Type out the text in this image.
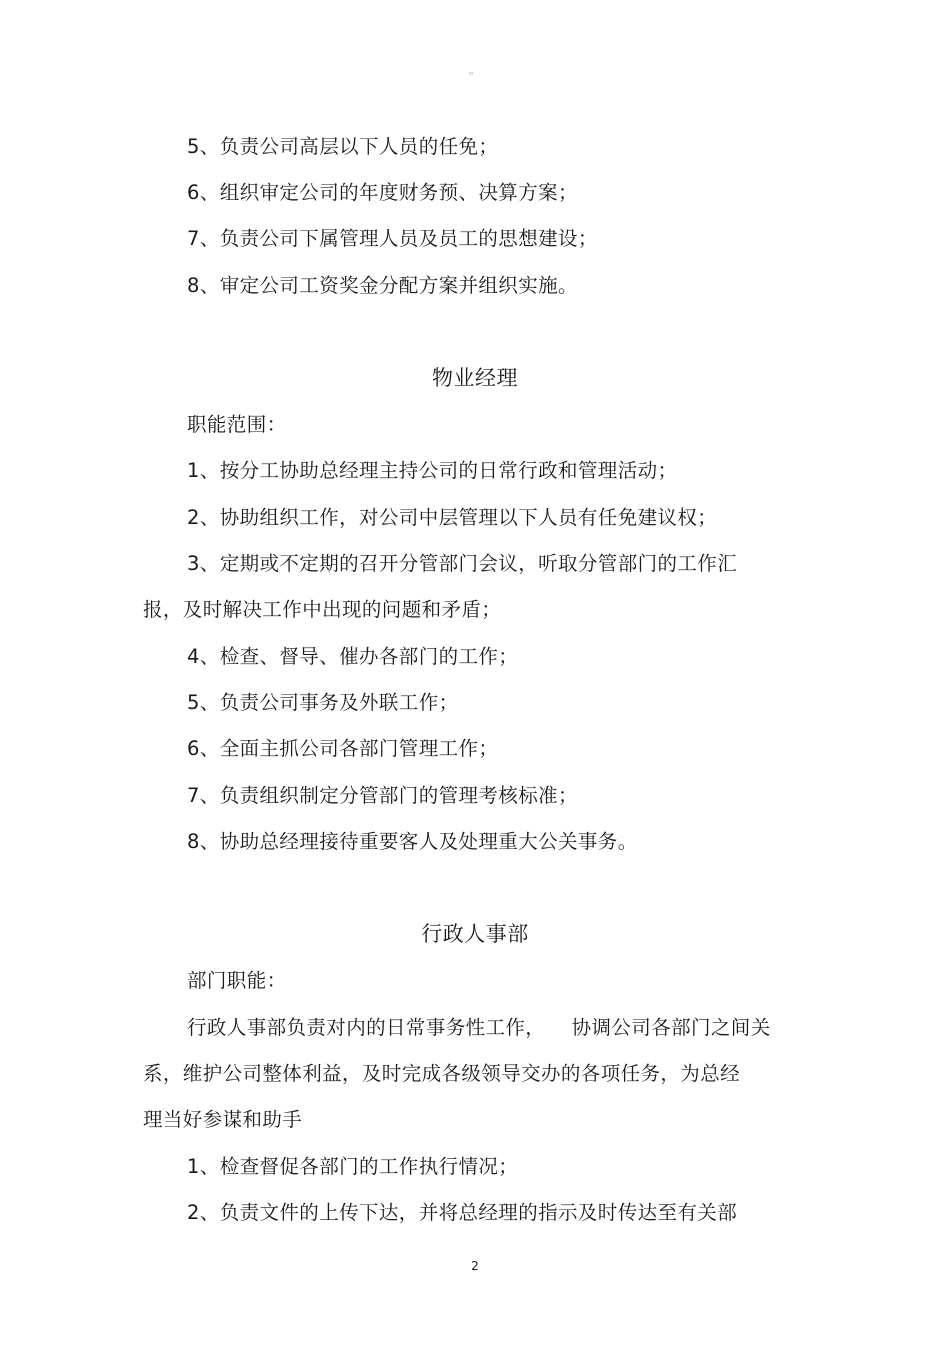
▫
5、负责公司高层以下人员的任免；
6、组织审定公司的年度财务预、决算方案；
7、负责公司下属管理人员及员工的思想建设；
8、审定公司工资奖金分配方案并组织实施。
物业经理
职能范围：
1、按分工协助总经理主持公司的日常行政和管理活动；
2、协助组织工作，对公司中层管理以下人员有任免建议权；
3、定期或不定期的召开分管部门会议，听取分管部门的工作汇
报，及时解决工作中出现的问题和矛盾；
4、检查、督导、催办各部门的工作；
5、负责公司事务及外联工作；
6、全面主抓公司各部门管理工作；
7、负责组织制定分管部门的管理考核标准；
8、协助总经理接待重要客人及处理重大公关事务。
行政人事部
部门职能：
行政人事部负责对内的日常事务性工作，    协调公司各部门之间关
系，维护公司整体利益，及时完成各级领导交办的各项任务，为总经
理当好参谋和助手
1、检查督促各部门的工作执行情况；
2、负责文件的上传下达，并将总经理的指示及时传达至有关部
2
